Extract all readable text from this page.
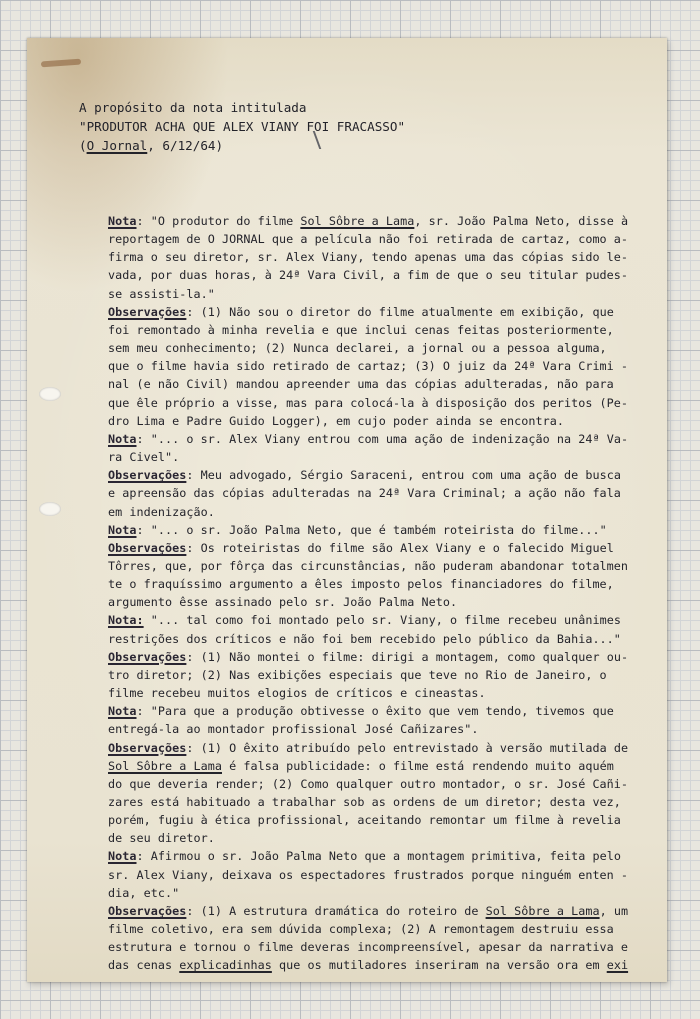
A propósito da nota intitulada
"PRODUTOR ACHA QUE ALEX VIANY FOI FRACASSO"
(O Jornal, 6/12/64)
Nota: "O produtor do filme Sol Sôbre a Lama, sr. João Palma Neto, disse à
reportagem de O JORNAL que a película não foi retirada de cartaz, como a-
firma o seu diretor, sr. Alex Viany, tendo apenas uma das cópias sido le-
vada, por duas horas, à 24ª Vara Civil, a fim de que o seu titular pudes-
se assisti-la."
Observações: (1) Não sou o diretor do filme atualmente em exibição, que
foi remontado à minha revelia e que inclui cenas feitas posteriormente,
sem meu conhecimento; (2) Nunca declarei, a jornal ou a pessoa alguma,
que o filme havia sido retirado de cartaz; (3) O juiz da 24ª Vara Crimi -
nal (e não Civil) mandou apreender uma das cópias adulteradas, não para
que êle próprio a visse, mas para colocá-la à disposição dos peritos (Pe-
dro Lima e Padre Guido Logger), em cujo poder ainda se encontra.
Nota: "... o sr. Alex Viany entrou com uma ação de indenização na 24ª Va-
ra Civel".
Observações: Meu advogado, Sérgio Saraceni, entrou com uma ação de busca
e apreensão das cópias adulteradas na 24ª Vara Criminal; a ação não fala
em indenização.
Nota: "... o sr. João Palma Neto, que é também roteirista do filme..."
Observações: Os roteiristas do filme são Alex Viany e o falecido Miguel
Tôrres, que, por fôrça das circunstâncias, não puderam abandonar totalmen
te o fraquíssimo argumento a êles imposto pelos financiadores do filme,
argumento êsse assinado pelo sr. João Palma Neto.
Nota: "... tal como foi montado pelo sr. Viany, o filme recebeu unânimes
restrições dos críticos e não foi bem recebido pelo público da Bahia..."
Observações: (1) Não montei o filme: dirigi a montagem, como qualquer ou-
tro diretor; (2) Nas exibições especiais que teve no Rio de Janeiro, o
filme recebeu muitos elogios de críticos e cineastas.
Nota: "Para que a produção obtivesse o êxito que vem tendo, tivemos que
entregá-la ao montador profissional José Cañizares".
Observações: (1) O êxito atribuído pelo entrevistado à versão mutilada de
Sol Sôbre a Lama é falsa publicidade: o filme está rendendo muito aquém
do que deveria render; (2) Como qualquer outro montador, o sr. José Cañi-
zares está habituado a trabalhar sob as ordens de um diretor; desta vez,
porém, fugiu à ética profissional, aceitando remontar um filme à revelia
de seu diretor.
Nota: Afirmou o sr. João Palma Neto que a montagem primitiva, feita pelo
sr. Alex Viany, deixava os espectadores frustrados porque ninguém enten -
dia, etc."
Observações: (1) A estrutura dramática do roteiro de Sol Sôbre a Lama, um
filme coletivo, era sem dúvida complexa; (2) A remontagem destruiu essa
estrutura e tornou o filme deveras incompreensível, apesar da narrativa e
das cenas explicadinhas que os mutiladores inseriram na versão ora em exi
